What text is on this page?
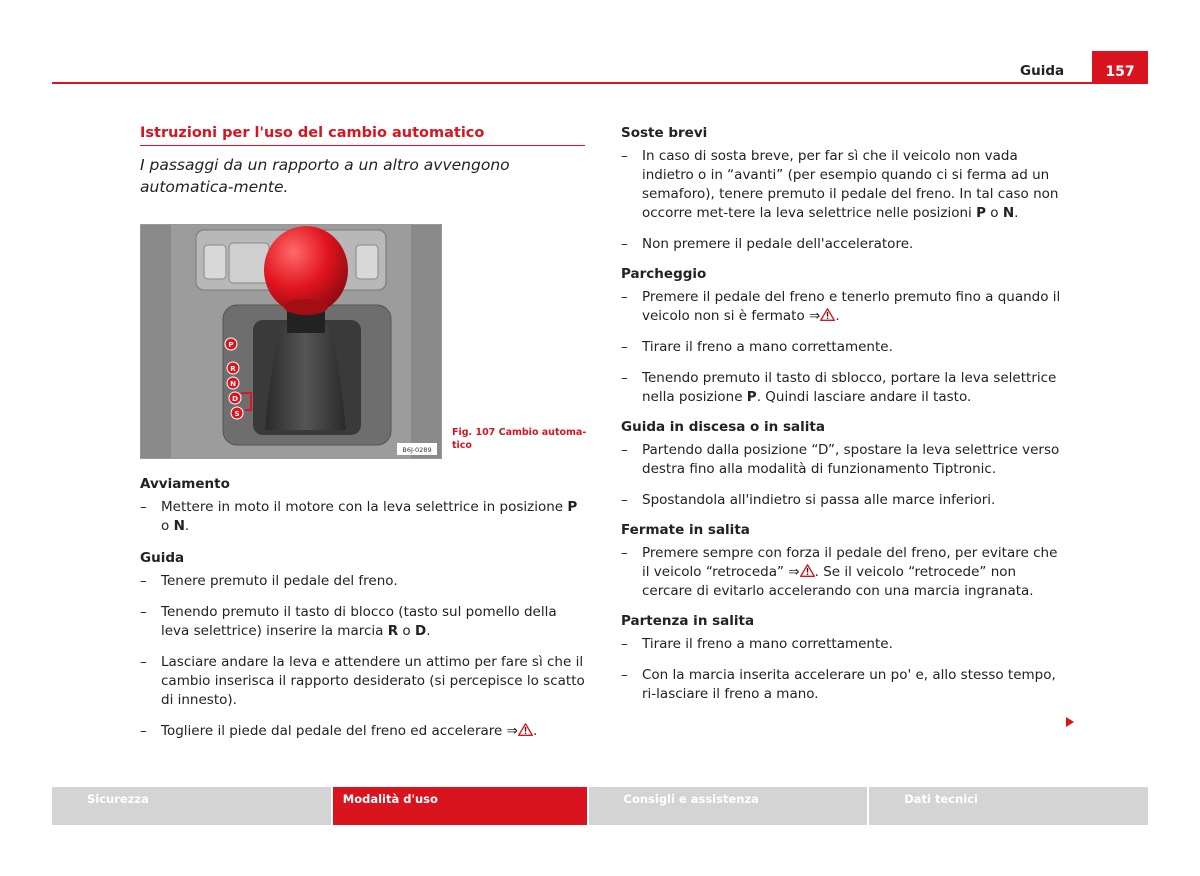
Guida	157
Istruzioni per l'uso del cambio automatico
I passaggi da un rapporto a un altro avvengono automatica-mente.
P
R
N
D
S
B6J-0289
Fig. 107 Cambio automa-tico
Avviamento
– Mettere in moto il motore con la leva selettrice in posizione P o N.
Guida
– Tenere premuto il pedale del freno.
– Tenendo premuto il tasto di blocco (tasto sul pomello della leva selettrice) inserire la marcia R o D.
– Lasciare andare la leva e attendere un attimo per fare sì che il cambio inserisca il rapporto desiderato (si percepisce lo scatto di innesto).
– Togliere il piede dal pedale del freno ed accelerare ⇒ .
Soste brevi
– In caso di sosta breve, per far sì che il veicolo non vada indietro o in “avanti” (per esempio quando ci si ferma ad un semaforo), tenere premuto il pedale del freno. In tal caso non occorre met-tere la leva selettrice nelle posizioni P o N.
– Non premere il pedale dell'acceleratore.
Parcheggio
– Premere il pedale del freno e tenerlo premuto fino a quando il veicolo non si è fermato ⇒ .
– Tirare il freno a mano correttamente.
– Tenendo premuto il tasto di sblocco, portare la leva selettrice nella posizione P. Quindi lasciare andare il tasto.
Guida in discesa o in salita
– Partendo dalla posizione “D”, spostare la leva selettrice verso destra fino alla modalità di funzionamento Tiptronic.
– Spostandola all'indietro si passa alle marce inferiori.
Fermate in salita
– Premere sempre con forza il pedale del freno, per evitare che il veicolo “retroceda” ⇒ . Se il veicolo “retrocede” non cercare di evitarlo accelerando con una marcia ingranata.
Partenza in salita
– Tirare il freno a mano correttamente.
– Con la marcia inserita accelerare un po' e, allo stesso tempo, ri-lasciare il freno a mano.
Sicurezza	Modalità d'uso	Consigli e assistenza	Dati tecnici
